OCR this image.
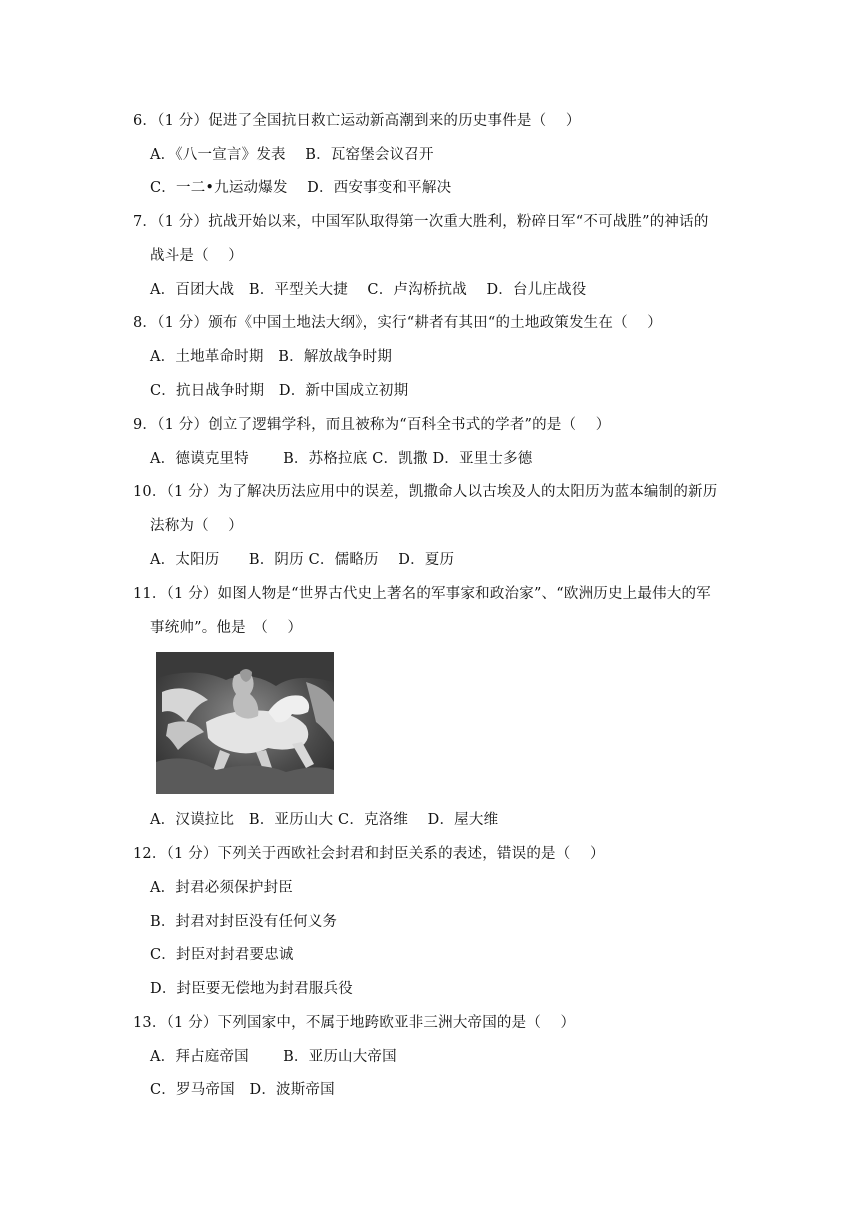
6．（1 分）促进了全国抗日救亡运动新高潮到来的历史事件是（　 ）
A．《八一宣言》发表　 B．瓦窑堡会议召开
C．一二•九运动爆发　 D．西安事变和平解决
7．（1 分）抗战开始以来，中国军队取得第一次重大胜利，粉碎日军“不可战胜”的神话的
战斗是（　 ）
A．百团大战　B．平型关大捷　 C．卢沟桥抗战　 D．台儿庄战役
8．（1 分）颁布《中国土地法大纲》，实行“耕者有其田“的土地政策发生在（　 ）
A．土地革命时期　B．解放战争时期
C．抗日战争时期　D．新中国成立初期
9．（1 分）创立了逻辑学科，而且被称为“百科全书式的学者”的是（　 ）
A．德谟克里特　　 B．苏格拉底 C．凯撒 D．亚里士多德
10．（1 分）为了解决历法应用中的误差，凯撒命人以古埃及人的太阳历为蓝本编制的新历
法称为（　 ）
A．太阳历　　B．阴历 C．儒略历　 D．夏历
11．（1 分）如图人物是“世界古代史上著名的军事家和政治家”、“欧洲历史上最伟大的军
事统帅”。他是　（　 ）
A．汉谟拉比　B．亚历山大 C．克洛维　 D．屋大维
12．（1 分）下列关于西欧社会封君和封臣关系的表述，错误的是（　 ）
A．封君必须保护封臣
B．封君对封臣没有任何义务
C．封臣对封君要忠诚
D．封臣要无偿地为封君服兵役
13．（1 分）下列国家中，不属于地跨欧亚非三洲大帝国的是（　 ）
A．拜占庭帝国　　 B．亚历山大帝国
C．罗马帝国　D．波斯帝国
